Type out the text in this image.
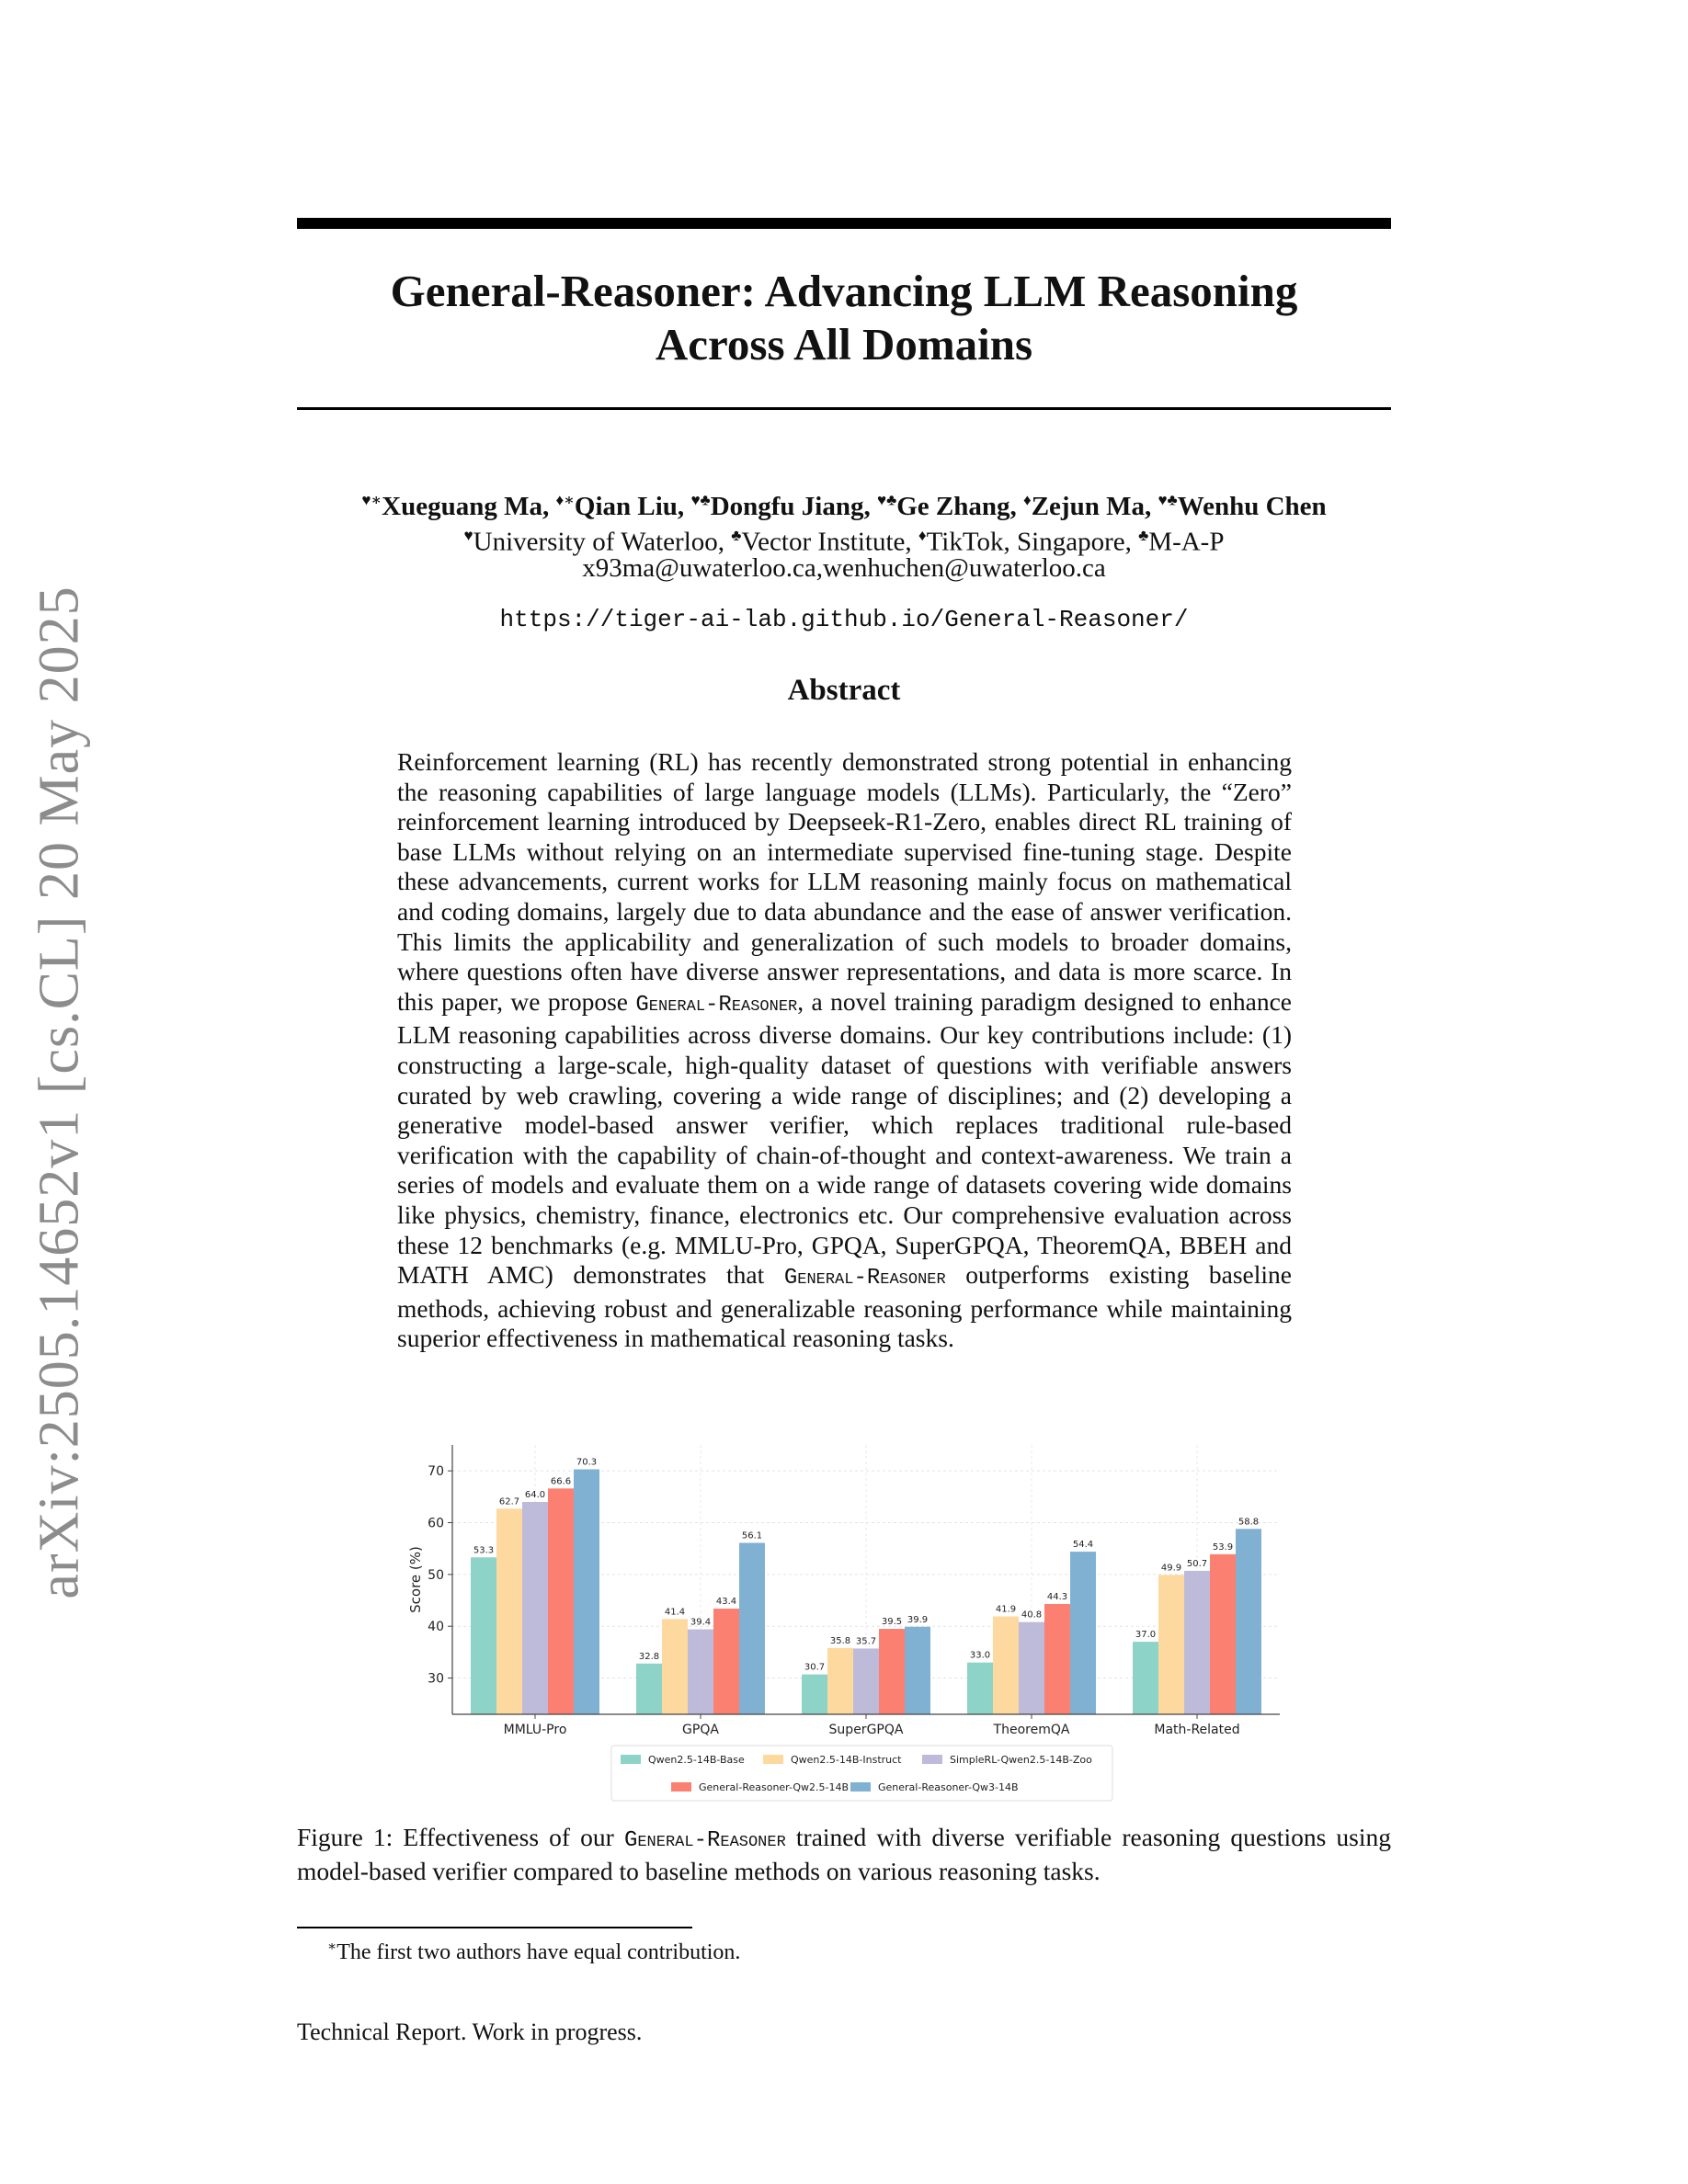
arXiv:2505.14652v1 [cs.CL] 20 May 2025
General-Reasoner: Advancing LLM Reasoning
Across All Domains
♥∗Xueguang Ma, ♦∗Qian Liu, ♥♣Dongfu Jiang, ♥♣Ge Zhang, ♦Zejun Ma, ♥♣Wenhu Chen
♥University of Waterloo, ♣Vector Institute, ♦TikTok, Singapore, ♣M-A-P
x93ma@uwaterloo.ca,wenhuchen@uwaterloo.ca
https://tiger-ai-lab.github.io/General-Reasoner/
Abstract
Reinforcement learning (RL) has recently demonstrated strong potential in enhancing the reasoning capabilities of large language models (LLMs). Particularly, the “Zero” reinforcement learning introduced by Deepseek-R1-Zero, enables direct RL training of base LLMs without relying on an intermediate supervised fine-tuning stage. Despite these advancements, current works for LLM reasoning mainly focus on mathematical and coding domains, largely due to data abundance and the ease of answer verification. This limits the applicability and generalization of such models to broader domains, where questions often have diverse answer representations, and data is more scarce. In this paper, we propose General-Reasoner, a novel training paradigm designed to enhance LLM reasoning capabilities across diverse domains. Our key contributions include: (1) constructing a large-scale, high-quality dataset of questions with verifiable answers curated by web crawling, covering a wide range of disciplines; and (2) developing a generative model-based answer verifier, which replaces traditional rule-based verification with the capability of chain-of-thought and context-awareness. We train a series of models and evaluate them on a wide range of datasets covering wide domains like physics, chemistry, finance, electronics etc. Our comprehensive evaluation across these 12 benchmarks (e.g. MMLU-Pro, GPQA, SuperGPQA, TheoremQA, BBEH and MATH AMC) demonstrates that General-Reasoner outperforms existing baseline methods, achieving robust and generalizable reasoning performance while maintaining superior effectiveness in mathematical reasoning tasks.
30
40
50
60
70
53.3
62.7
64.0
66.6
70.3
MMLU-Pro
32.8
41.4
39.4
43.4
56.1
GPQA
30.7
35.8 35.7
39.5 39.9
SuperGPQA
33.0
41.9
40.8
44.3
54.4
TheoremQA
37.0
49.9 50.7
53.9
58.8
Math-Related
Score (%)
Qwen2.5-14B-Base	Qwen2.5-14B-Instruct	SimpleRL-Qwen2.5-14B-Zoo
General-Reasoner-Qw2.5-14B	General-Reasoner-Qw3-14B
Figure 1: Effectiveness of our General-Reasoner trained with diverse verifiable reasoning questions using model-based verifier compared to baseline methods on various reasoning tasks.
∗The first two authors have equal contribution.
Technical Report. Work in progress.
